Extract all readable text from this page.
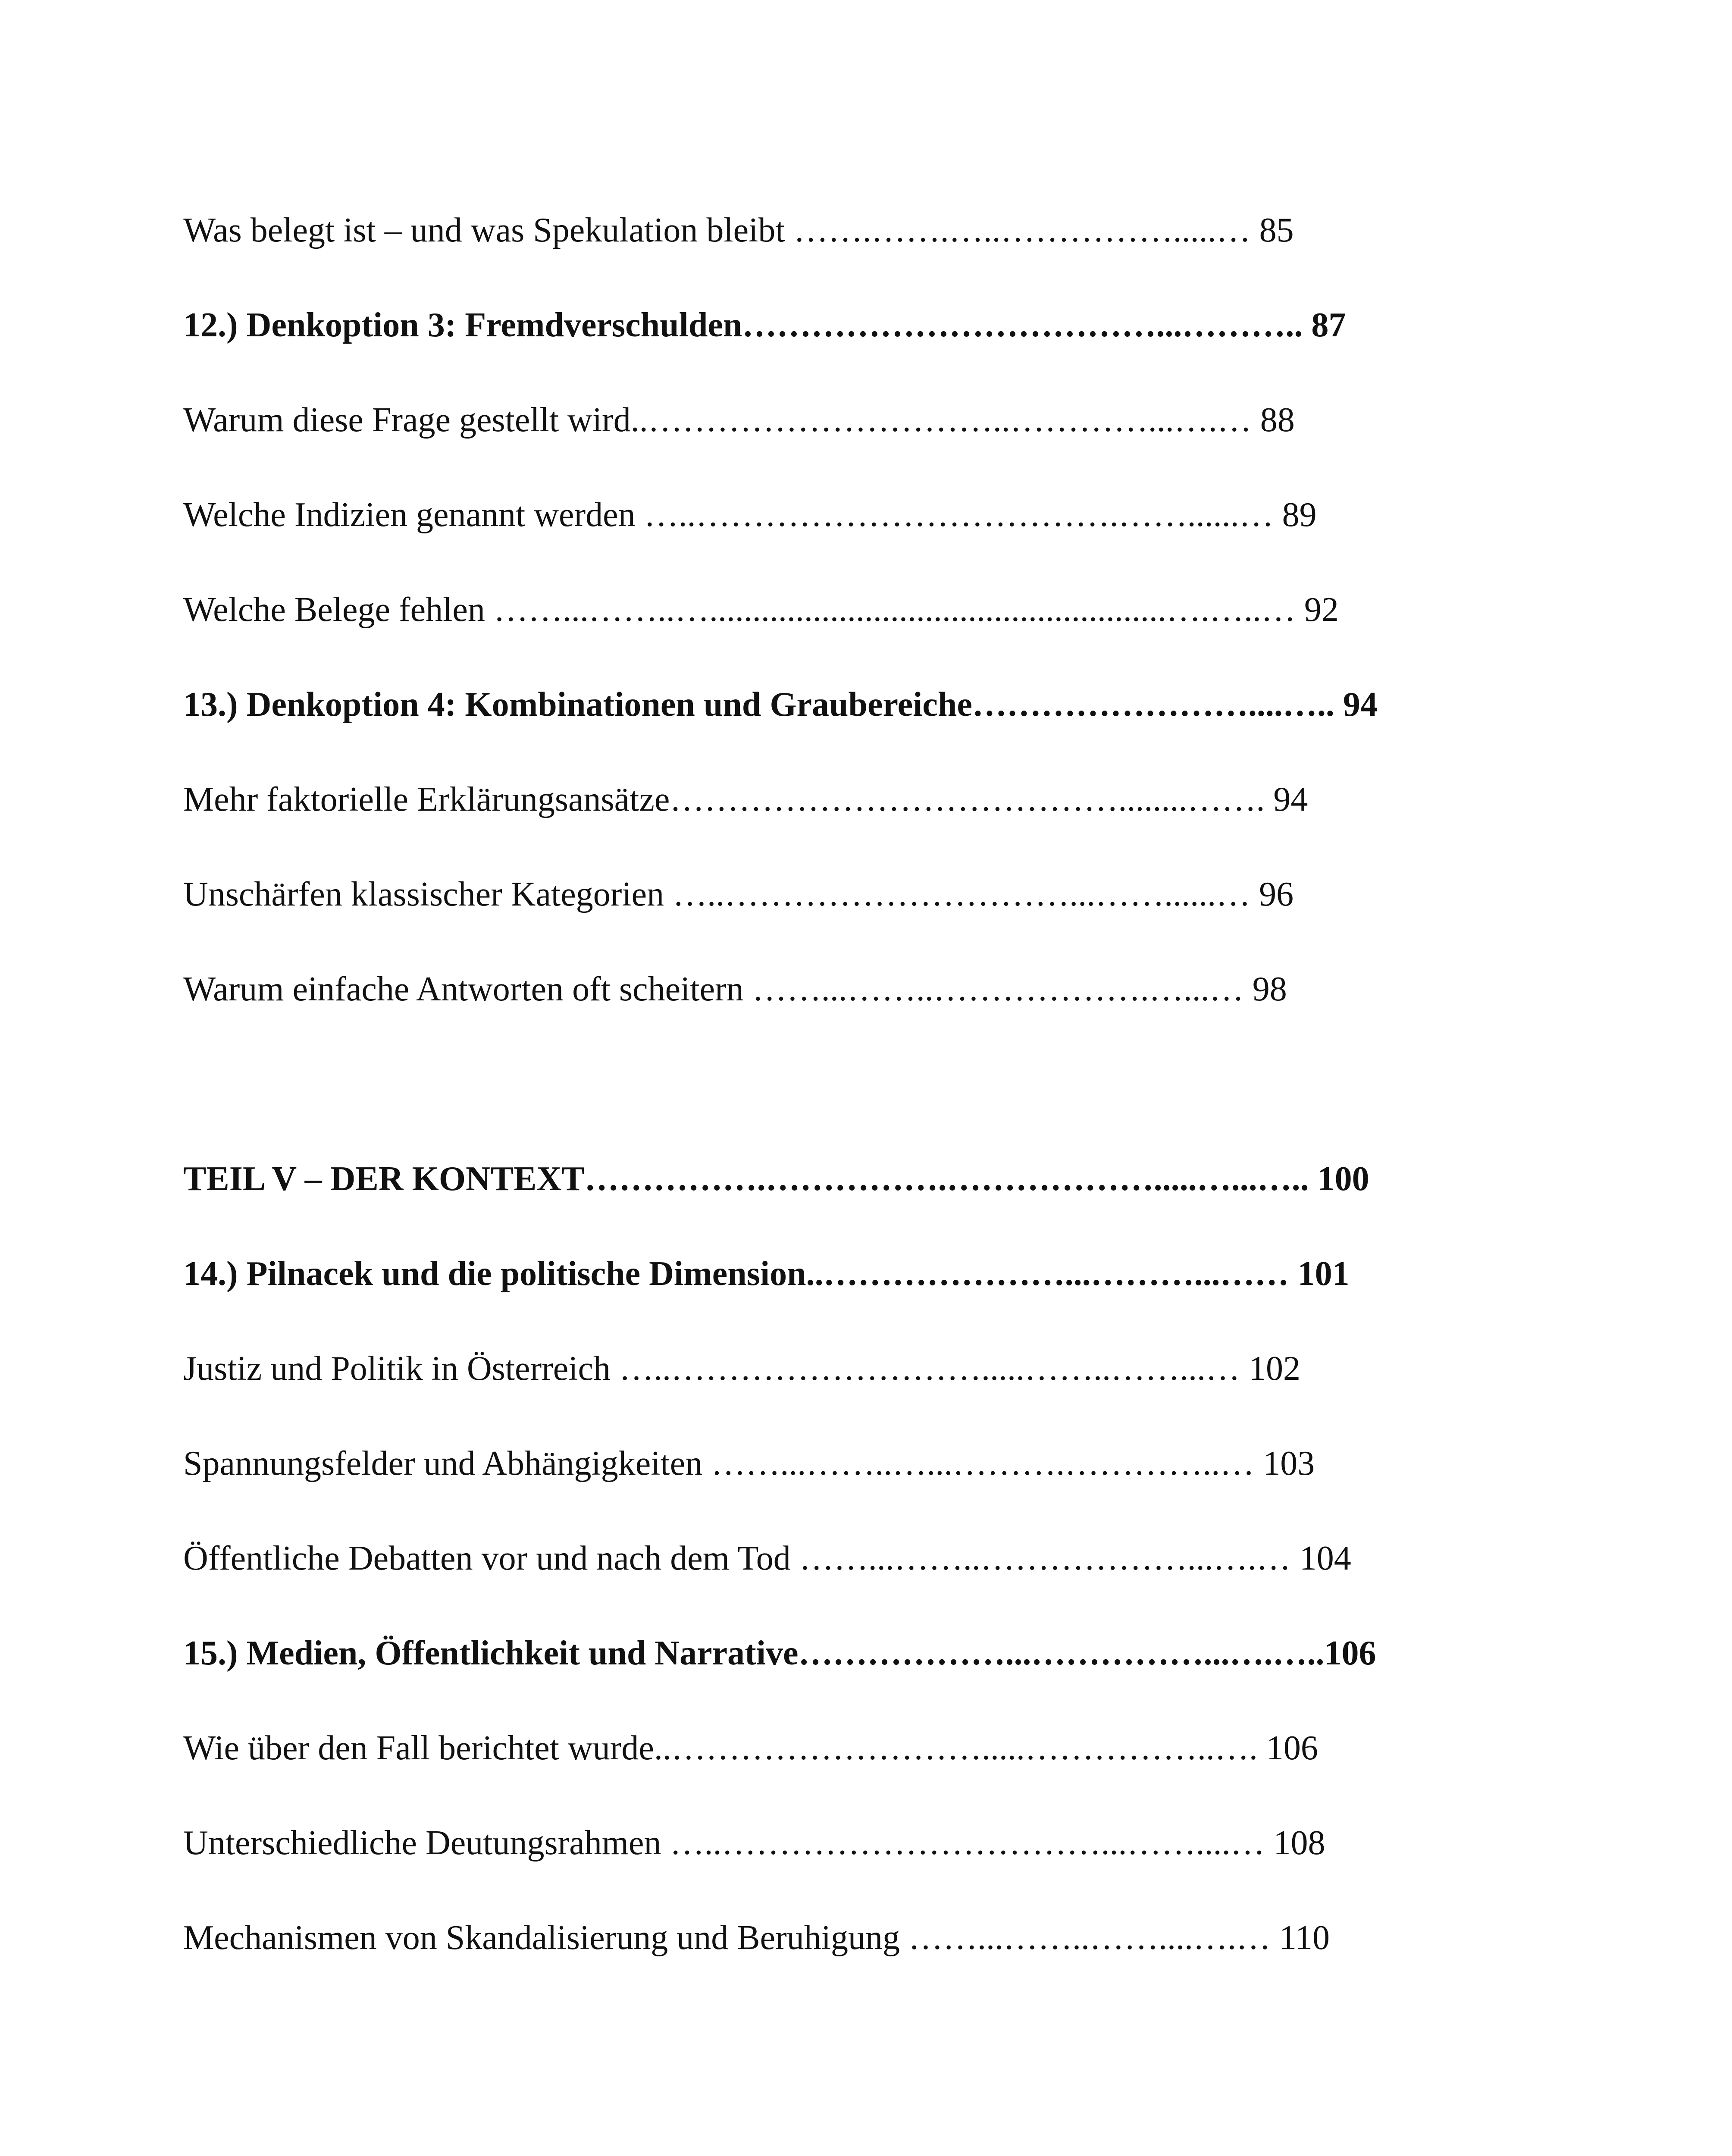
Was belegt ist – und was Spekulation bleibt …….…….…..…………….....… 85
12.) Denkoption 3: Fremdverschulden………………………………...……….. 87
Warum diese Frage gestellt wird..…………………………..…………...….… 88
Welche Indizien genannt werden …..……………………………….……......… 89
Welche Belege fehlen ……...……..….....................................................….…..… 92
13.) Denkoption 4: Kombinationen und Graubereiche……………………....….. 94
Mehr faktorielle Erklärungsansätze…………………………………........……. 94
Unschärfen klassischer Kategorien …..…………………………...……......… 96
Warum einfache Antworten oft scheitern ……...……..……………….…...… 98
TEIL V – DER KONTEXT…………….…………….……………….....…...….. 100
14.) Pilnacek und die politische Dimension..…………………...………...…… 101
Justiz und Politik in Österreich …..……………………….....……..……...… 102
Spannungsfelder und Abhängigkeiten ……...……..…...……….…………..… 103
Öffentliche Debatten vor und nach dem Tod ……...……..………………...….… 104
15.) Medien, Öffentlichkeit und Narrative………………...……………...….…..106
Wie über den Fall berichtet wurde..……………………….....……………..…. 106
Unterschiedliche Deutungsrahmen …..……………………………...……....… 108
Mechanismen von Skandalisierung und Beruhigung ……...……..……....….… 110
